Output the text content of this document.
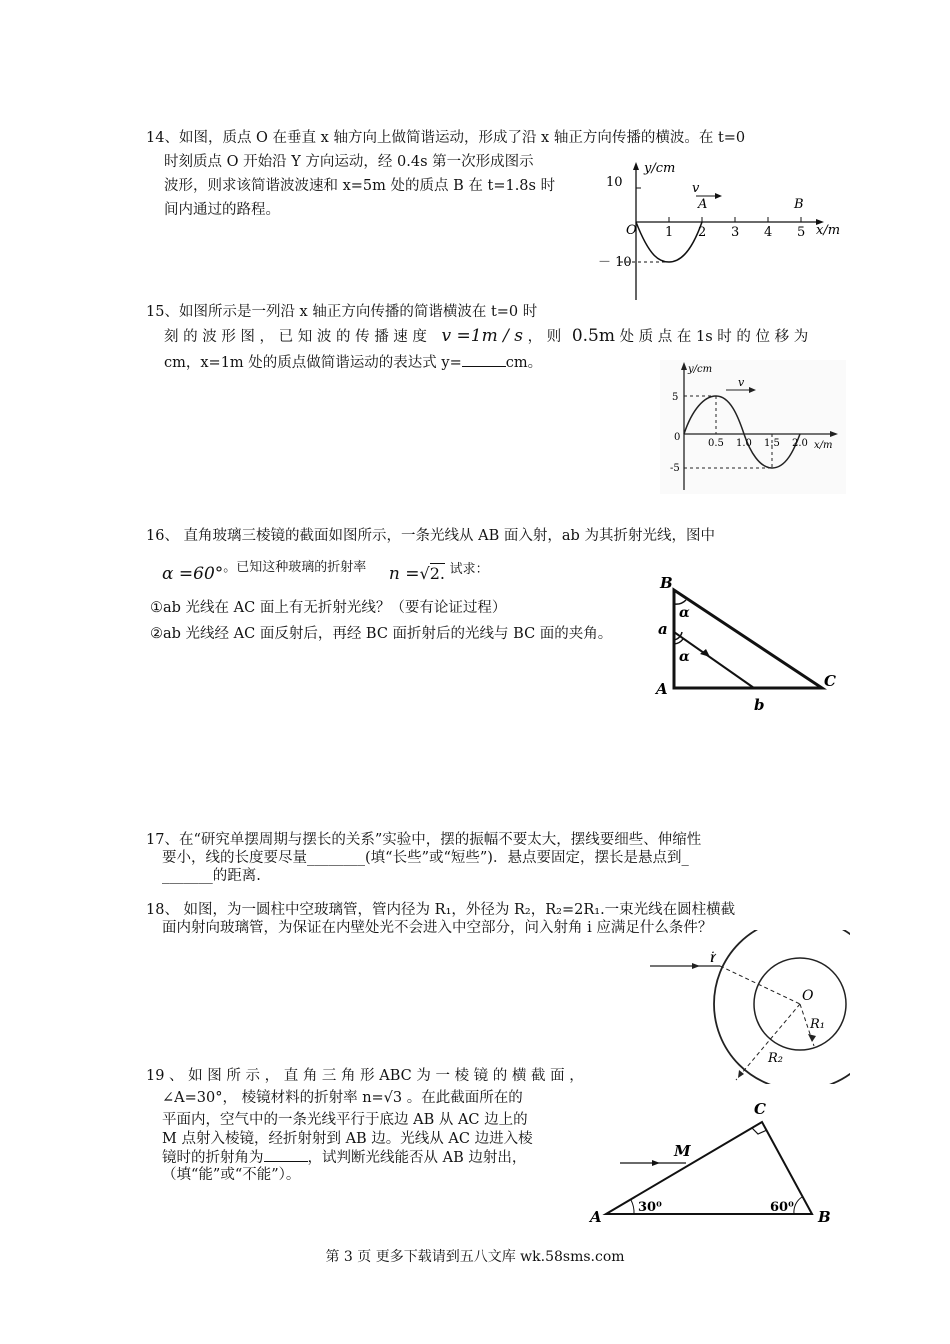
14、如图，质点 O 在垂直 x 轴方向上做简谐运动，形成了沿 x 轴正方向传播的横波。在 t=0
时刻质点 O 开始沿 Y 方向运动，经 0.4s 第一次形成图示
波形，则求该简谐波波速和 x=5m 处的质点 B 在 t=1.8s 时
间内通过的路程。
10
－ 10
y/cm
x/m
O 1 2 3 4 5
v
A	B
15、如图所示是一列沿 x 轴正方向传播的简谐横波在 t=0 时
刻 的 波 形 图 ， 已 知 波 的 传 播 速 度 v =1m / s ， 则 0.5m 处 质 点 在 1s 时 的 位 移 为
cm，x=1m 处的质点做简谐运动的表达式 y=	cm。	y/cm
x/m
5
-5
0
0.5 1.0 1.5 2.0
v
16、 直角玻璃三棱镜的截面如图所示，一条光线从 AB 面入射，ab 为其折射光线，图中
α =60°。已知这种玻璃的折射率 n =√2. 试求：
①ab 光线在 AC 面上有无折射光线？（要有论证过程）
②ab 光线经 AC 面反射后，再经 BC 面折射后的光线与 BC 面的夹角。
B
A	C
a
b
α
α
17、在“研究单摆周期与摆长的关系”实验中，摆的振幅不要太大，摆线要细些、伸缩性
要小，线的长度要尽量________(填“长些”或“短些”)．悬点要固定，摆长是悬点到_
_______的距离.
18、 如图，为一圆柱中空玻璃管，管内径为 R₁，外径为 R₂，R₂=2R₁.一束光线在圆柱横截
面内射向玻璃管，为保证在内壁处光不会进入中空部分，问入射角 i 应满足什么条件？
i
O
R₁
R₂
19 、 如 图 所 示 ， 直 角 三 角 形 ABC 为 一 棱 镜 的 横 截 面 ，
∠A=30°， 棱镜材料的折射率 n=√3 。在此截面所在的
平面内，空气中的一条光线平行于底边 AB 从 AC 边上的
M 点射入棱镜，经折射射到 AB 边。光线从 AC 边进入棱
镜时的折射角为	，试判断光线能否从 AB 边射出，
（填“能”或“不能”）。
A	B
C
M
30⁰	60⁰
第 3 页 更多下载请到五八文库 wk.58sms.com
